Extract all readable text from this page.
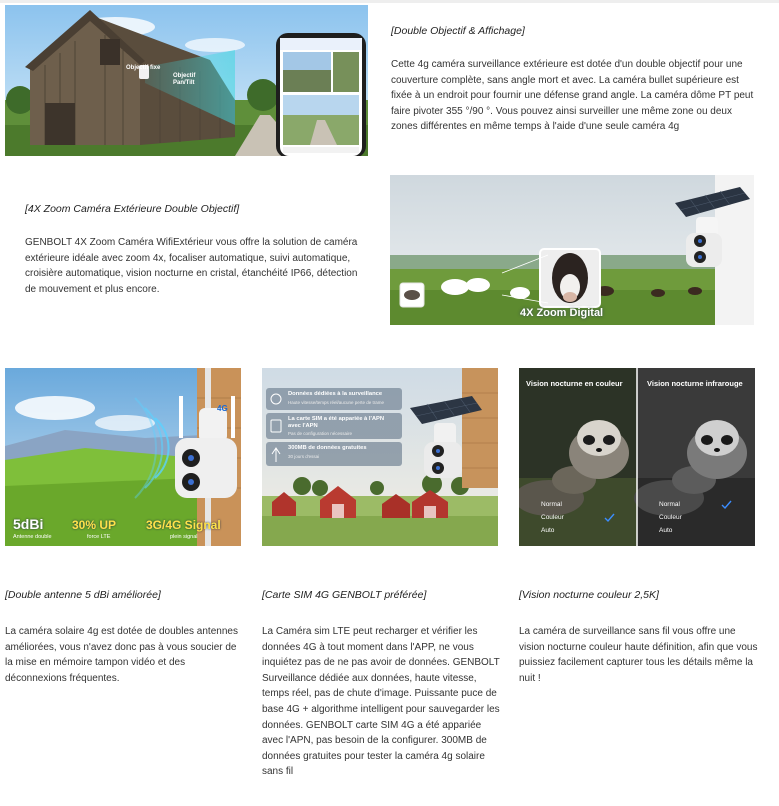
Objectif fixe
Objectif Pan/Tilt
[Double Objectif & Affichage]
Cette 4g caméra surveillance extérieure est dotée d'un double objectif pour une couverture complète, sans angle mort et avec. La caméra bullet supérieure est fixée à un endroit pour fournir une défense grand angle. La caméra dôme PT peut faire pivoter 355 °/90 °. Vous pouvez ainsi surveiller une même zone ou deux zones différentes en même temps à l'aide d'une seule caméra 4g
[4X Zoom Caméra Extérieure Double Objectif]
GENBOLT 4X Zoom Caméra WifiExtérieur vous offre la solution de caméra extérieure idéale avec zoom 4x, focaliser automatique, suivi automatique, croisière automatique, vision nocturne en cristal, étanchéité IP66, détection de mouvement et plus encore.
4X Zoom Digital
4G
5dBi
Antenne double
30% UP
force LTE
3G/4G Signal
plein signal
Données dédiées à la surveillance
Haute vitesse/temps réel/aucune perte de trame
La carte SIM a été appariée à l'APN avec l'APN
Pas de configuration nécessaire
300MB de données gratuites
30 jours d'essai
Vision nocturne en couleur	Vision nocturne infrarouge
Normal
Couleur
Auto
Normal
Couleur
Auto
[Double antenne 5 dBi améliorée]
La caméra solaire 4g est dotée de doubles antennes améliorées, vous n'avez donc pas à vous soucier de la mise en mémoire tampon vidéo et des déconnexions fréquentes.
[Carte SIM 4G GENBOLT préférée]
La Caméra sim LTE peut recharger et vérifier les données 4G à tout moment dans l'APP, ne vous inquiétez pas de ne pas avoir de données. GENBOLT Surveillance dédiée aux données, haute vitesse, temps réel, pas de chute d'image. Puissante puce de base 4G + algorithme intelligent pour sauvegarder les données. GENBOLT carte SIM 4G a été appariée avec l'APN, pas besoin de la configurer. 300MB de données gratuites pour tester la caméra 4g solaire sans fil
[Vision nocturne couleur 2,5K]
La caméra de surveillance sans fil vous offre une vision nocturne couleur haute définition, afin que vous puissiez facilement capturer tous les détails même la nuit !
